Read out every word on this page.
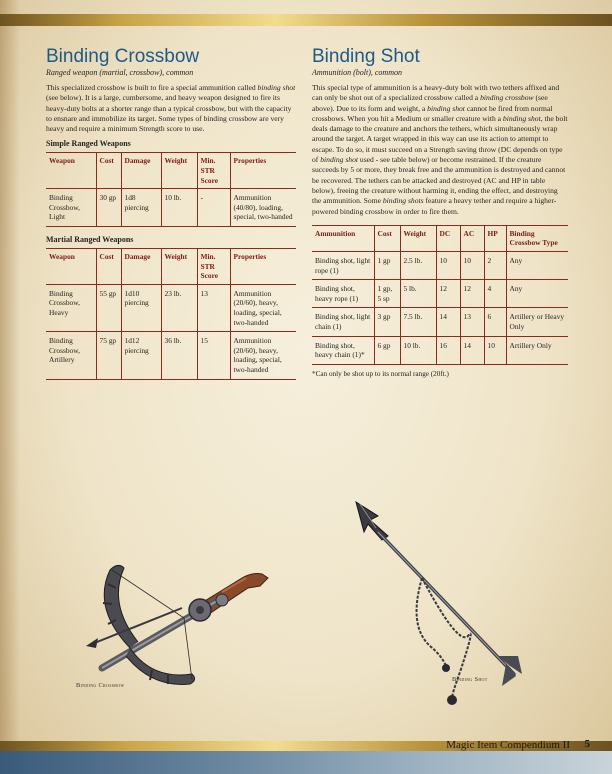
Binding Crossbow
Ranged weapon (martial, crossbow), common

This specialized crossbow is built to fire a special ammunition called binding shot (see below). It is a large, cumbersome, and heavy weapon designed to fire its heavy-duty bolts at a shorter range than a typical crossbow, but with the capacity to ensnare and immobilize its target. Some types of binding crossbow are very heavy and require a minimum Strength score to use.

Simple Ranged Weapons
Weapon	Cost	Damage	Weight	Min. STR Score	Properties
Binding Crossbow, Light	30 gp	1d8 piercing	10 lb.	-	Ammunition (40/80), loading, special, two-handed
Martial Ranged Weapons
Weapon	Cost	Damage	Weight	Min. STR Score	Properties
Binding Crossbow, Heavy	55 gp	1d10 piercing	23 lb.	13	Ammunition (20/60), heavy, loading, special, two-handed
Binding Crossbow, Artillery	75 gp	1d12 piercing	36 lb.	15	Ammunition (20/60), heavy, loading, special, two-handed
Binding Shot
Ammunition (bolt), common

This special type of ammunition is a heavy-duty bolt with two tethers affixed and can only be shot out of a specialized crossbow called a binding crossbow (see above). Due to its form and weight, a binding shot cannot be fired from normal crossbows. When you hit a Medium or smaller creature with a binding shot, the bolt deals damage to the creature and anchors the tethers, which simultaneously wrap around the target. A target wrapped in this way can use its action to attempt to escape. To do so, it must succeed on a Strength saving throw (DC depends on type of binding shot used - see table below) or become restrained. If the creature succeeds by 5 or more, they break free and the ammunition is destroyed and cannot be recovered. The tethers can be attacked and destroyed (AC and HP in table below), freeing the creature without harming it, ending the effect, and destroying the ammunition. Some binding shots feature a heavy tether and require a higher-powered binding crossbow in order to fire them.

Ammunition	Cost	Weight	DC	AC	HP	Binding Crossbow Type
Binding shot, light rope (1)	1 gp	2.5 lb.	10	10	2	Any
Binding shot, heavy rope (1)	1 gp, 5 sp	5 lb.	12	12	4	Any
Binding shot, light chain (1)	3 gp	7.5 lb.	14	13	6	Artillery or Heavy Only
Binding shot, heavy chain (1)*	6 gp	10 lb.	16	14	10	Artillery Only
*Can only be shot up to its normal range (20ft.)
Binding Crossbow
Binding Shot
Magic Item Compendium II 5
